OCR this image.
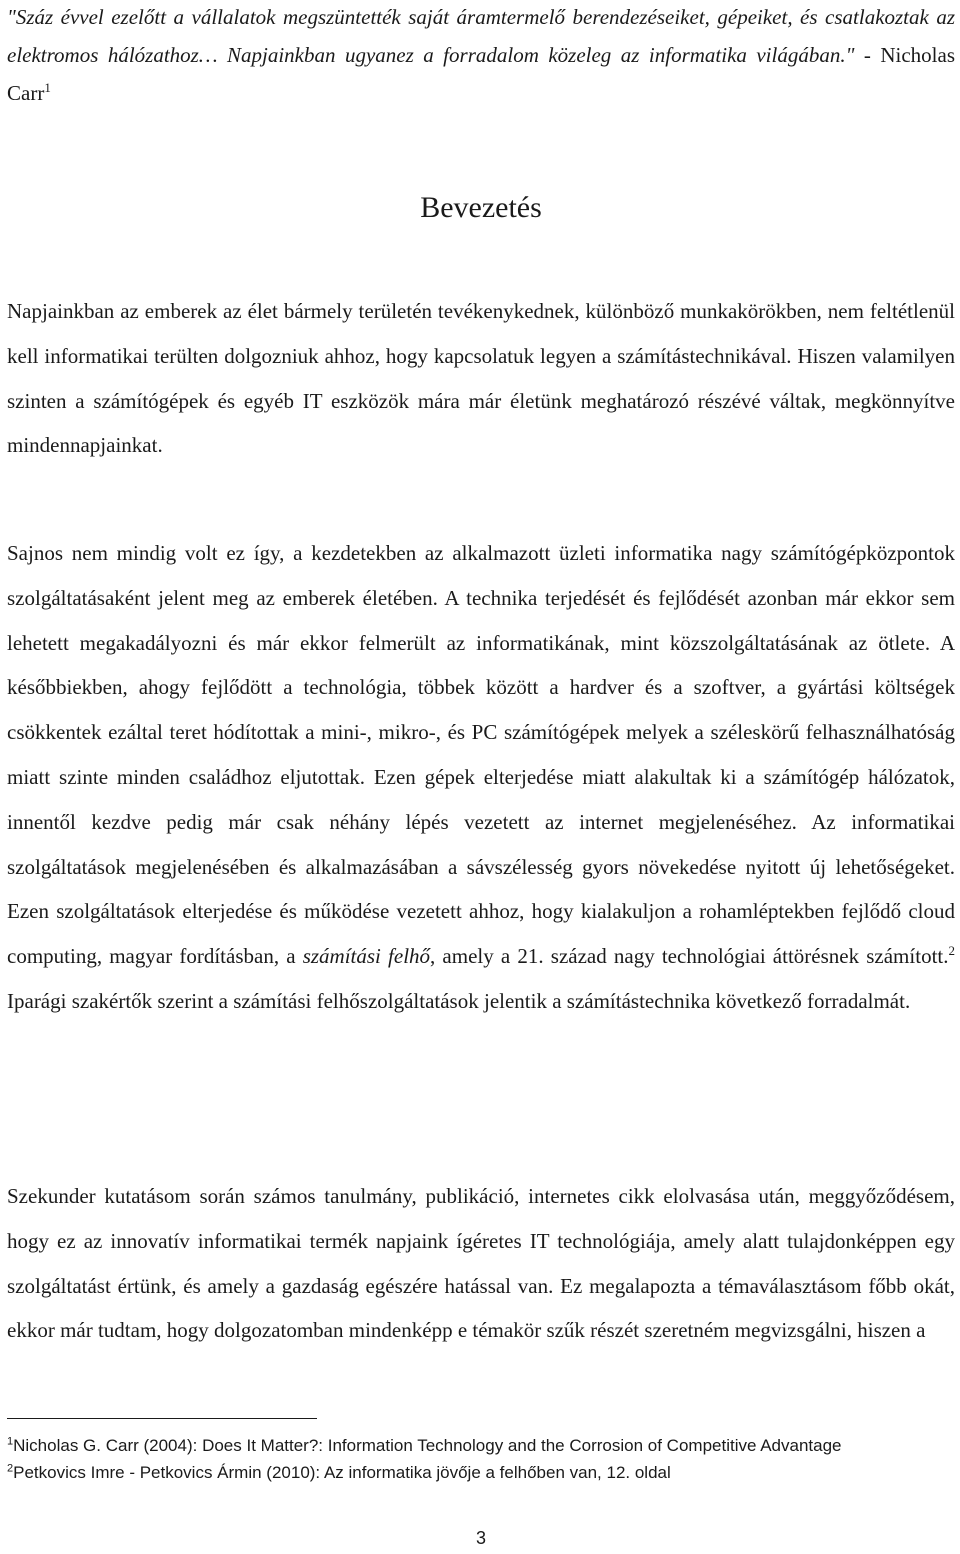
"Száz évvel ezelőtt a vállalatok megszüntették saját áramtermelő berendezéseiket, gépeiket, és csatlakoztak az elektromos hálózathoz… Napjainkban ugyanez a forradalom közeleg az informatika világában." - Nicholas Carr$^1$
Bevezetés
Napjainkban az emberek az élet bármely területén tevékenykednek, különböző munkakörökben, nem feltétlenül kell informatikai terülten dolgozniuk ahhoz, hogy kapcsolatuk legyen a számítástechnikával. Hiszen valamilyen szinten a számítógépek és egyéb IT eszközök mára már életünk meghatározó részévé váltak, megkönnyítve mindennapjainkat.
Sajnos nem mindig volt ez így, a kezdetekben az alkalmazott üzleti informatika nagy számítógépközpontok szolgáltatásaként jelent meg az emberek életében. A technika terjedését és fejlődését azonban már ekkor sem lehetett megakadályozni és már ekkor felmerült az informatikának, mint közszolgáltatásának az ötlete. A későbbiekben, ahogy fejlődött a technológia, többek között a hardver és a szoftver, a gyártási költségek csökkentek ezáltal teret hódítottak a mini-, mikro-, és PC számítógépek melyek a széleskörű felhasználhatóság miatt szinte minden családhoz eljutottak. Ezen gépek elterjedése miatt alakultak ki a számítógép hálózatok, innentől kezdve pedig már csak néhány lépés vezetett az internet megjelenéséhez. Az informatikai szolgáltatások megjelenésében és alkalmazásában a sávszélesség gyors növekedése nyitott új lehetőségeket. Ezen szolgáltatások elterjedése és működése vezetett ahhoz, hogy kialakuljon a rohamléptekben fejlődő cloud computing, magyar fordításban, a számítási felhő, amely a 21. század nagy technológiai áttörésnek számított.$^2$ Iparági szakértők szerint a számítási felhőszolgáltatások jelentik a számítástechnika következő forradalmát.
Szekunder kutatásom során számos tanulmány, publikáció, internetes cikk elolvasása után, meggyőződésem, hogy ez az innovatív informatikai termék napjaink ígéretes IT technológiája, amely alatt tulajdonképpen egy szolgáltatást értünk, és amely a gazdaság egészére hatással van. Ez megalapozta a témaválasztásom főbb okát, ekkor már tudtam, hogy dolgozatomban mindenképp e témakör szűk részét szeretném megvizsgálni, hiszen a
$^1$Nicholas G. Carr (2004): Does It Matter?: Information Technology and the Corrosion of Competitive Advantage
$^2$Petkovics Imre - Petkovics Ármin (2010): Az informatika jövője a felhőben van, 12. oldal
3
